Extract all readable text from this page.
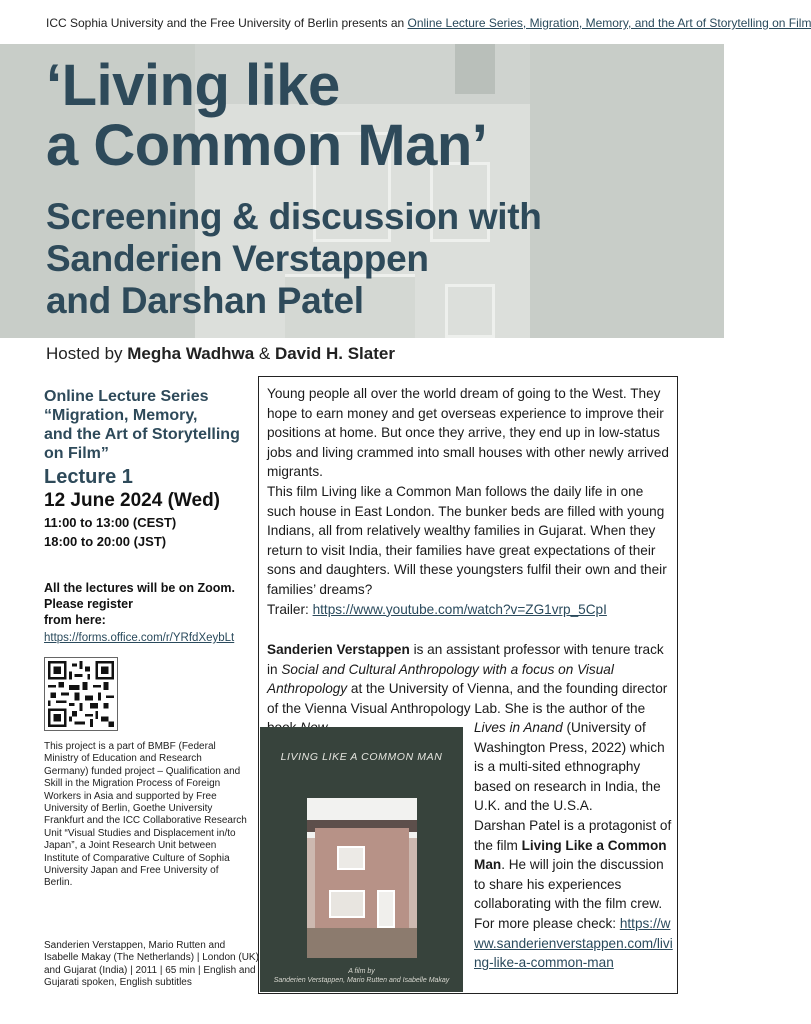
ICC Sophia University and the Free University of Berlin presents an Online Lecture Series, Migration, Memory, and the Art of Storytelling on Film
‘Living like
a Common Man’
Screening & discussion with
Sanderien Verstappen
and Darshan Patel
Hosted by Megha Wadhwa & David H. Slater
Online Lecture Series
“Migration, Memory,
and the Art of Storytelling
on Film”
Lecture 1
12 June 2024 (Wed)
11:00 to 13:00 (CEST)
18:00 to 20:00 (JST)
All the lectures will be on Zoom.
Please register
from here:
https://forms.office.com/r/YRfdXeybLt
This project is a part of BMBF (Federal Ministry of Education and Research Germany) funded project – Qualification and Skill in the Migration Process of Foreign Workers in Asia and supported by Free University of Berlin, Goethe University Frankfurt and the ICC Collaborative Research Unit “Visual Studies and Displacement in/to Japan”, a Joint Research Unit between Institute of Comparative Culture of Sophia University Japan and Free University of Berlin.
Sanderien Verstappen, Mario Rutten and Isabelle Makay (The Netherlands) | London (UK) and Gujarat (India) | 2011 | 65 min | English and Gujarati spoken, English subtitles

Young people all over the world dream of going to the West. They hope to earn money and get overseas experience to improve their positions at home. But once they arrive, they end up in low-status jobs and living crammed into small houses with other newly arrived migrants.

This film Living like a Common Man follows the daily life in one such house in East London. The bunker beds are filled with young Indians, all from relatively wealthy families in Gujarat. When they return to visit India, their families have great expectations of their sons and daughters. Will these youngsters fulfil their own and their families’ dreams?

Trailer: https://www.youtube.com/watch?v=ZG1vrp_5CpI

Sanderien Verstappen is an assistant professor with tenure track in Social and Cultural Anthropology with a focus on Visual Anthropology at the University of Vienna, and the founding director of the Vienna Visual Anthropology Lab. She is the author of the
Lives in Anand (University of Washington Press, 2022) which is a multi-sited ethnography based on research in India, the U.K. and the U.S.A.
Darshan Patel is a protagonist of the film Living Like a Common Man. He will join the discussion to share his experiences collaborating with the film crew.
For more please check: https://www.sanderienverstappen.com/living-like-a-common-man
LIVING LIKE A COMMON MAN
A film by
Sanderien Verstappen, Mario Rutten and Isabelle Makay
